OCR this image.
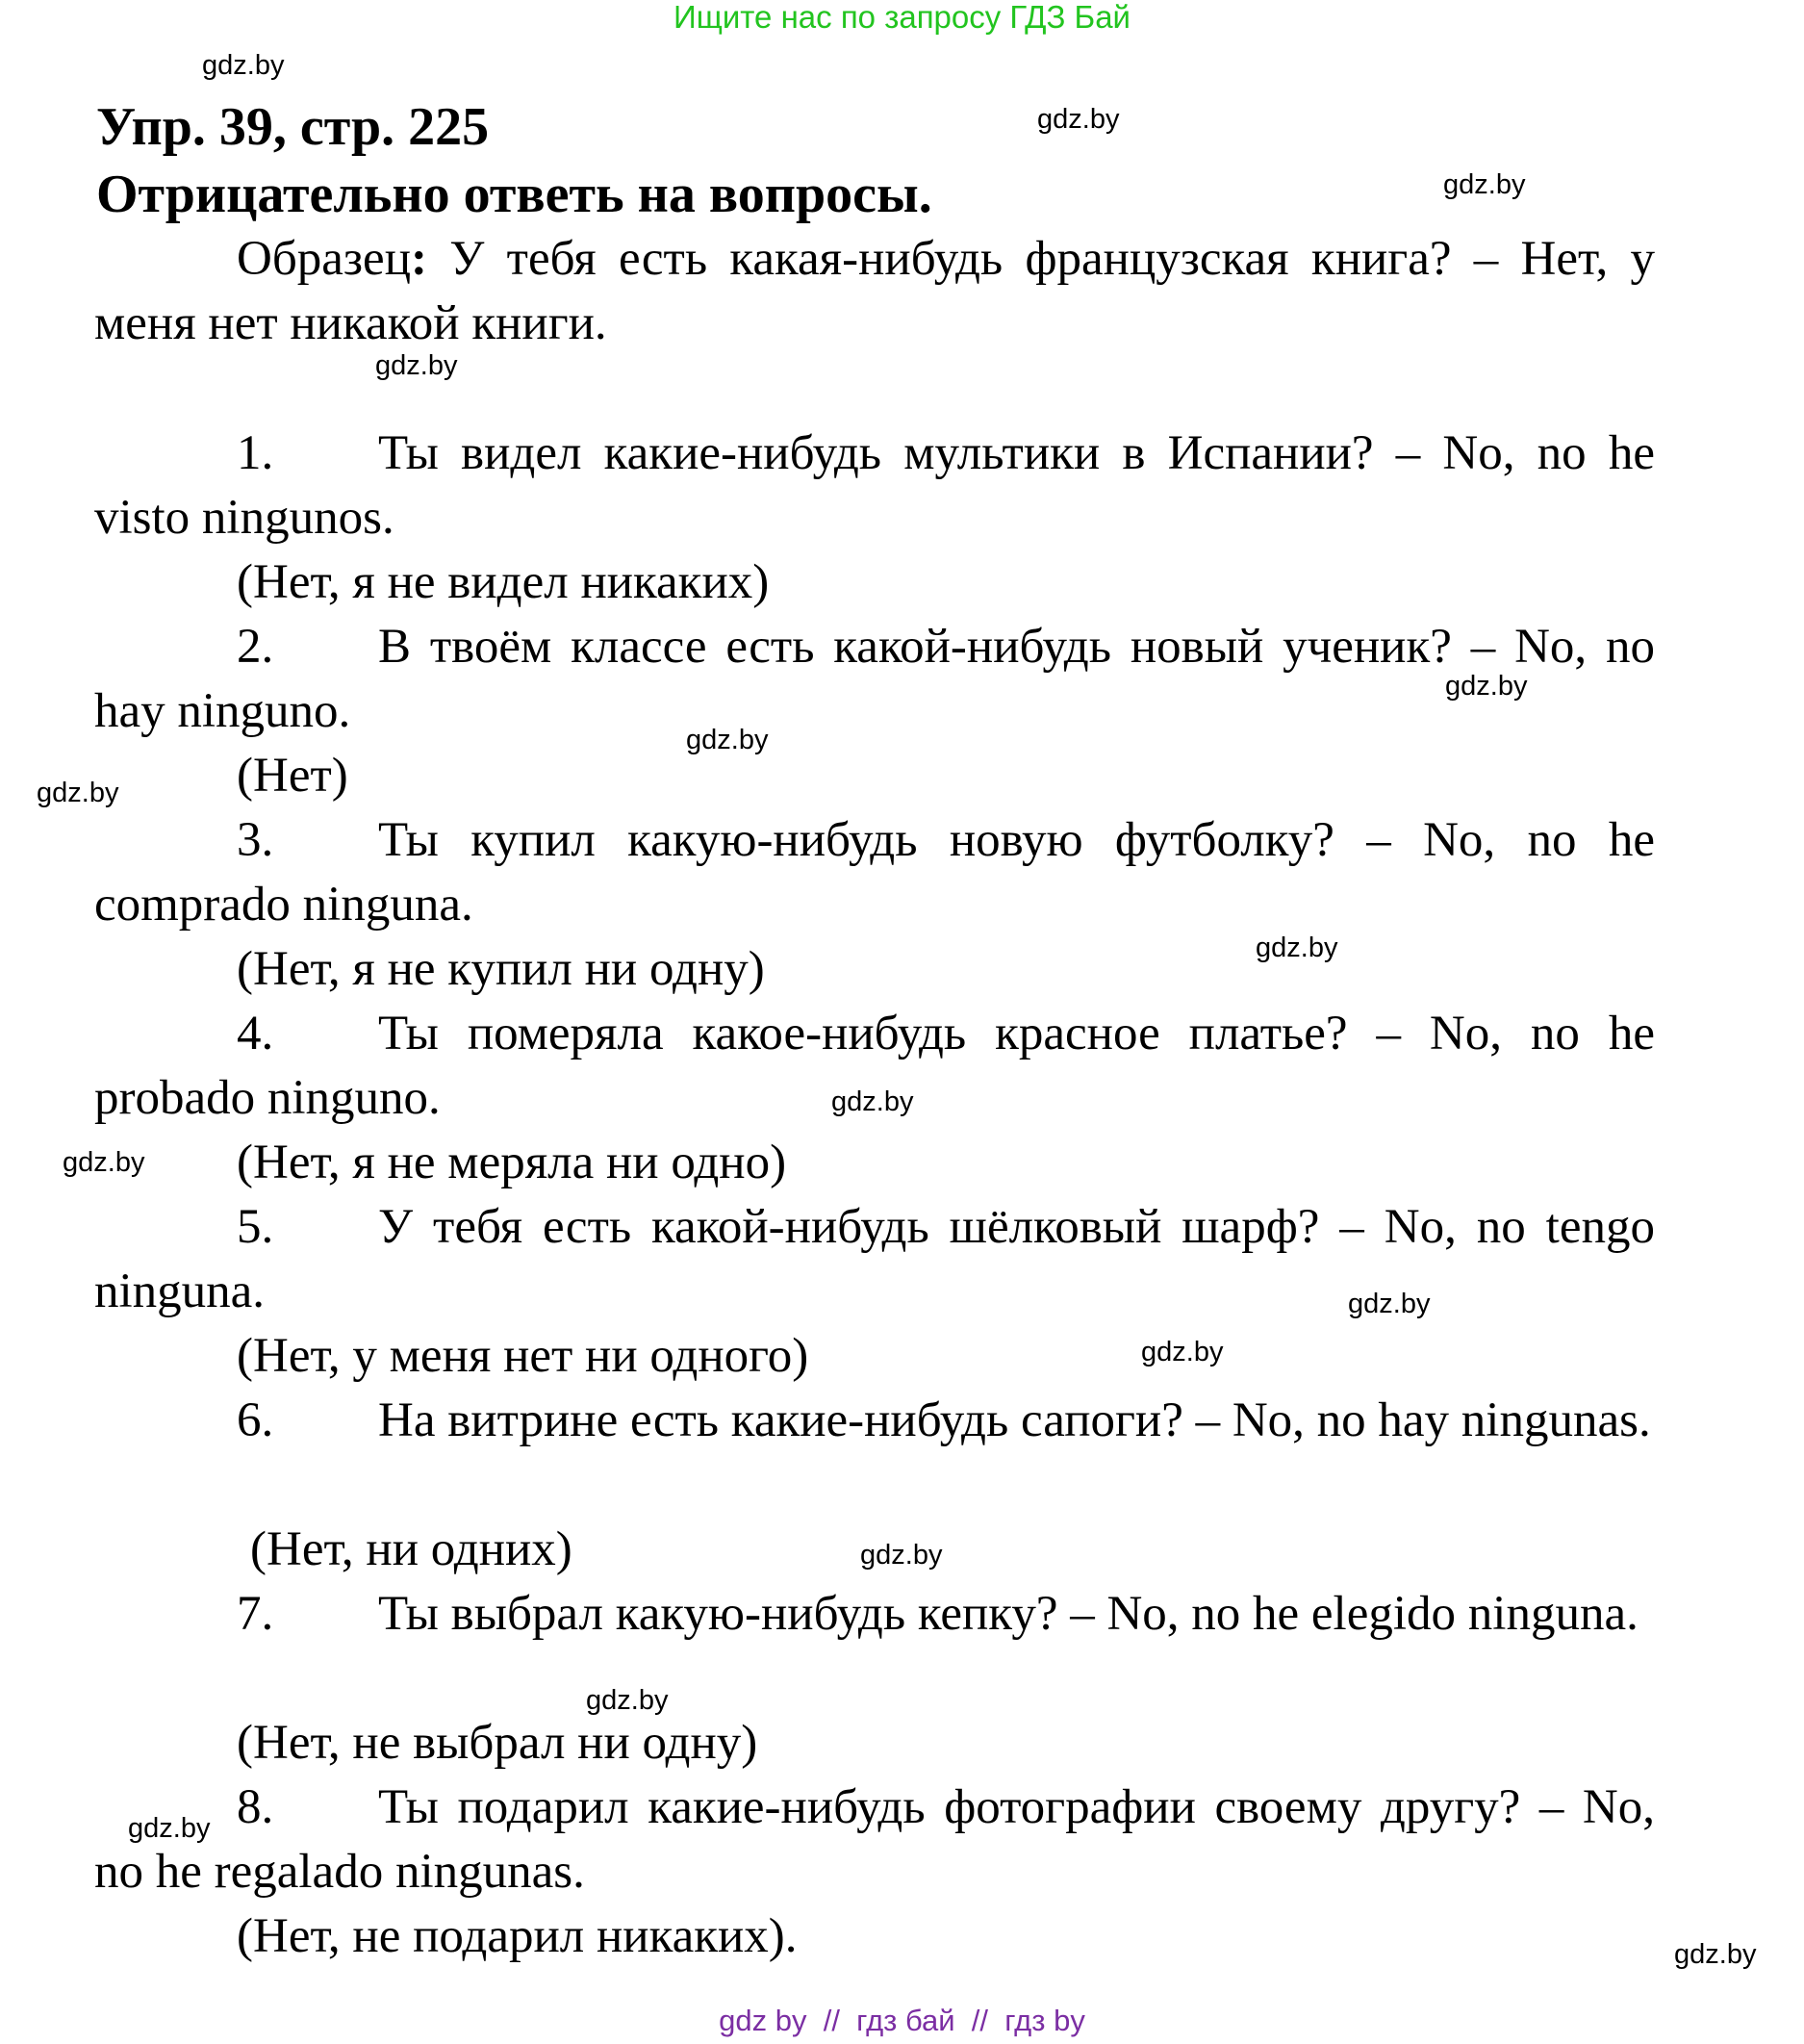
Ищите нас по запросу ГДЗ Бай
Упр. 39, стр. 225
Отрицательно ответь на вопросы.
Образец: У тебя есть какая-нибудь французская книга? – Нет, у меня нет никакой книги.
1. Ты видел какие-нибудь мультики в Испании? – No, no he visto ningunos.
(Нет, я не видел никаких)
2. В твоём классе есть какой-нибудь новый ученик? – No, no hay ninguno.
(Нет)
3. Ты купил какую-нибудь новую футболку? – No, no he comprado ninguna.
(Нет, я не купил ни одну)
4. Ты померяла какое-нибудь красное платье? – No, no he probado ninguno.
(Нет, я не меряла ни одно)
5. У тебя есть какой-нибудь шёлковый шарф? – No, no tengo ninguna.
(Нет, у меня нет ни одного)
6. На витрине есть какие-нибудь сапоги? – No, no hay ningunas.
(Нет, ни одних)
7. Ты выбрал какую-нибудь кепку? – No, no he elegido ninguna.
(Нет, не выбрал ни одну)
8. Ты подарил какие-нибудь фотографии своему другу? – No, no he regalado ningunas.
(Нет, не подарил никаких).
gdz.by
gdz.by
gdz.by
gdz.by
gdz.by
gdz.by
gdz.by
gdz.by
gdz.by
gdz.by
gdz.by
gdz.by
gdz.by
gdz.by
gdz.by
gdz.by
gdz by  //  гдз бай  //  гдз by
